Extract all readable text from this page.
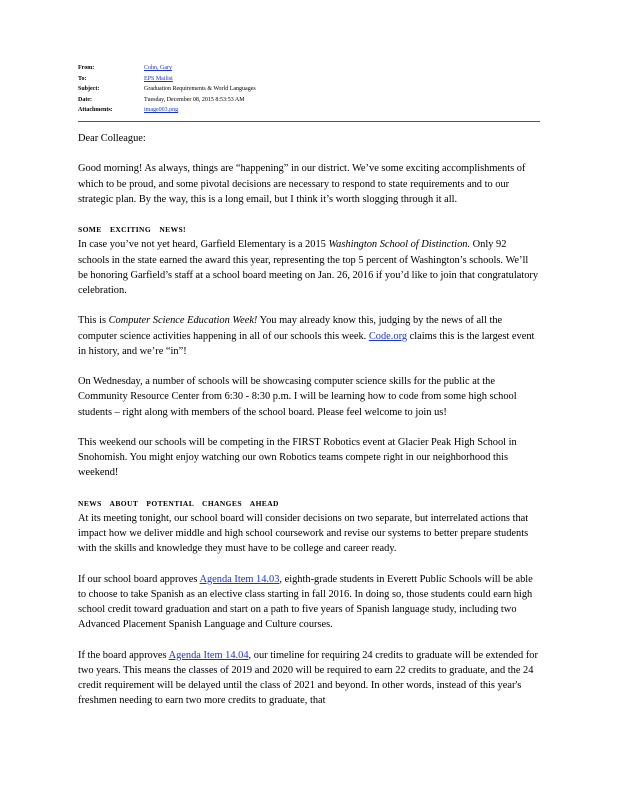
From:	Cohn, Gary
To:	EPS Mailist
Subject:	Graduation Requirements & World Languages
Date:	Tuesday, December 08, 2015 8:53:53 AM
Attachments:	image003.png

Dear Colleague:

Good morning! As always, things are “happening” in our district. We’ve some exciting accomplishments of which to be proud, and some pivotal decisions are necessary to respond to state requirements and to our strategic plan. By the way, this is a long email, but I think it’s worth slogging through it all.

SOME EXCITING NEWS!

In case you’ve not yet heard, Garfield Elementary is a 2015 Washington School of Distinction. Only 92 schools in the state earned the award this year, representing the top 5 percent of Washington’s schools. We’ll be honoring Garfield’s staff at a school board meeting on Jan. 26, 2016 if you’d like to join that congratulatory celebration.

This is Computer Science Education Week! You may already know this, judging by the news of all the computer science activities happening in all of our schools this week. Code.org claims this is the largest event in history, and we’re “in”!

On Wednesday, a number of schools will be showcasing computer science skills for the public at the Community Resource Center from 6:30 - 8:30 p.m. I will be learning how to code from some high school students – right along with members of the school board. Please feel welcome to join us!

This weekend our schools will be competing in the FIRST Robotics event at Glacier Peak High School in Snohomish. You might enjoy watching our own Robotics teams compete right in our neighborhood this weekend!

NEWS ABOUT POTENTIAL CHANGES AHEAD

At its meeting tonight, our school board will consider decisions on two separate, but interrelated actions that impact how we deliver middle and high school coursework and revise our systems to better prepare students with the skills and knowledge they must have to be college and career ready.

If our school board approves Agenda Item 14.03, eighth-grade students in Everett Public Schools will be able to choose to take Spanish as an elective class starting in fall 2016. In doing so, those students could earn high school credit toward graduation and start on a path to five years of Spanish language study, including two Advanced Placement Spanish Language and Culture courses.

If the board approves Agenda Item 14.04, our timeline for requiring 24 credits to graduate will be extended for two years. This means the classes of 2019 and 2020 will be required to earn 22 credits to graduate, and the 24 credit requirement will be delayed until the class of 2021 and beyond. In other words, instead of this year's freshmen needing to earn two more credits to graduate, that
